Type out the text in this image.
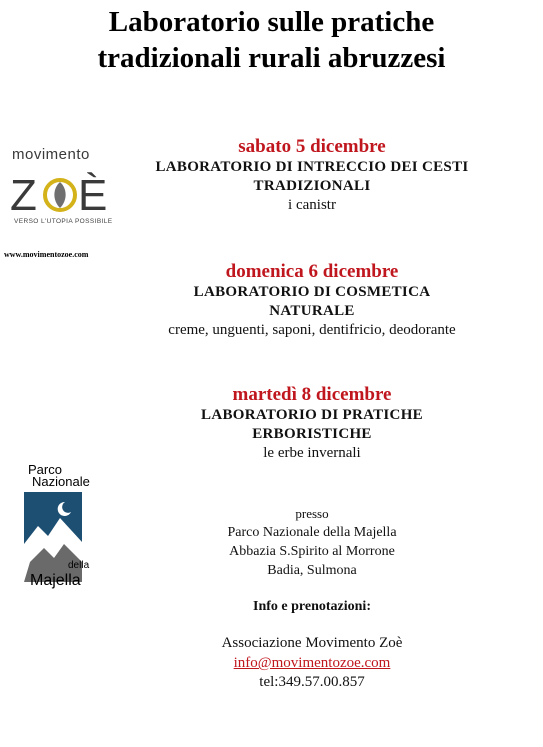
Laboratorio sulle pratiche
tradizionali rurali abruzzesi
movimento
Z È
VERSO L'UTOPIA POSSIBILE
www.movimentozoe.com
Parco
Nazionale
della
Majella
sabato 5 dicembre
LABORATORIO DI INTRECCIO DEI CESTI
TRADIZIONALI
i canistr
domenica 6 dicembre
LABORATORIO DI COSMETICA
NATURALE
creme, unguenti, saponi, dentifricio, deodorante
martedì 8 dicembre
LABORATORIO DI PRATICHE
ERBORISTICHE
le erbe invernali
presso
Parco Nazionale della Majella
Abbazia S.Spirito al Morrone
Badia, Sulmona
Info e prenotazioni:
Associazione Movimento Zoè
info@movimentozoe.com
tel:349.57.00.857
